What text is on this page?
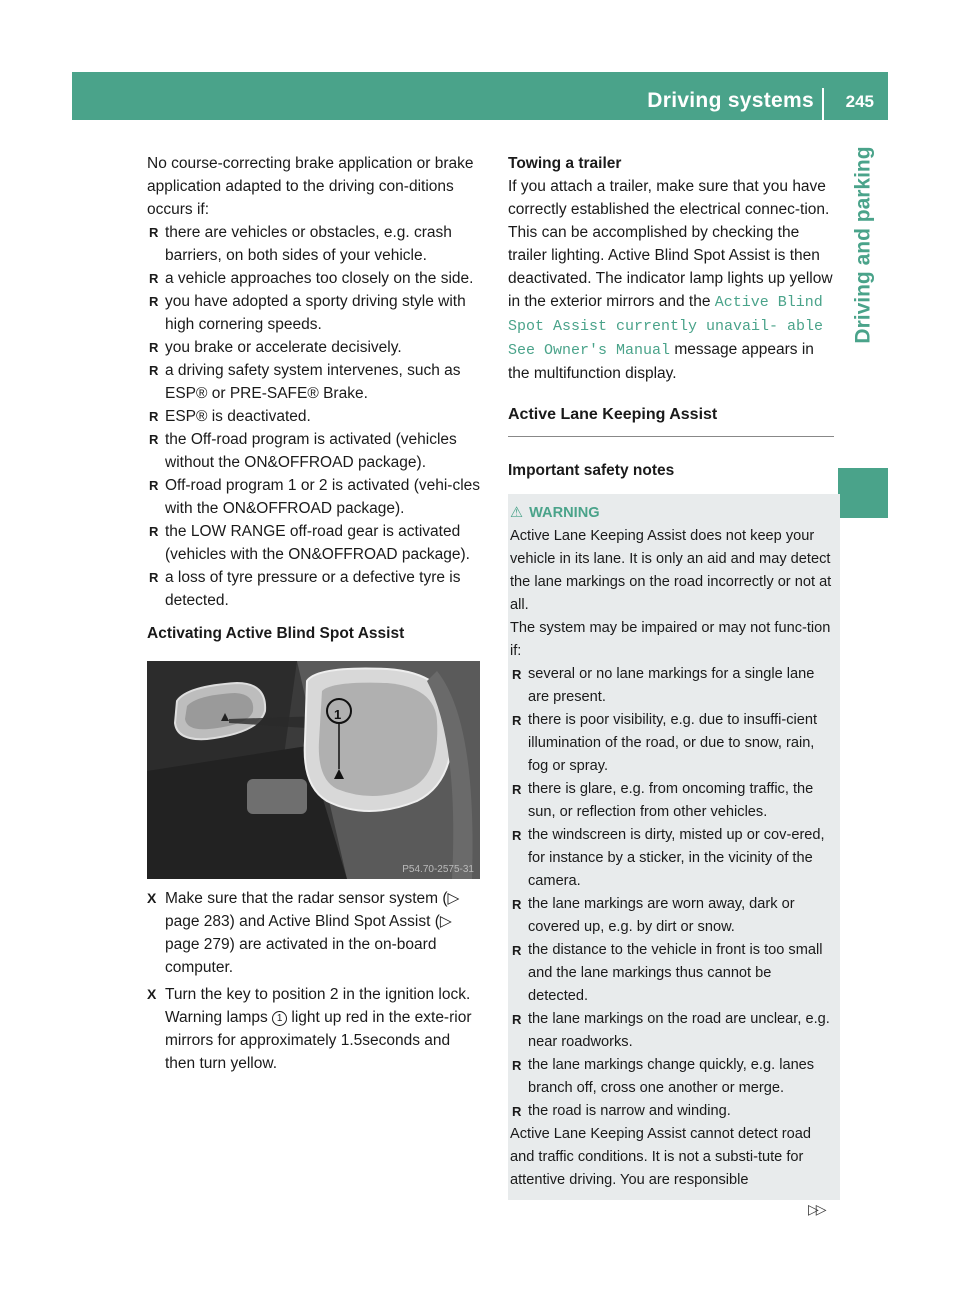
Driving systems 245
Driving and parking

No course-correcting brake application or brake application adapted to the driving con-ditions occurs if:

R there are vehicles or obstacles, e.g. crash barriers, on both sides of your vehicle.
R a vehicle approaches too closely on the side.
R you have adopted a sporty driving style with high cornering speeds.
R you brake or accelerate decisively.
R a driving safety system intervenes, such as ESP® or PRE-SAFE® Brake.
R ESP® is deactivated.
R the Off-road program is activated (vehicles without the ON&OFFROAD package).
R Off-road program 1 or 2 is activated (vehi-cles with the ON&OFFROAD package).
R the LOW RANGE off-road gear is activated (vehicles with the ON&OFFROAD package).
R a loss of tyre pressure or a defective tyre is detected.

Activating Active Blind Spot Assist

1
P54.70-2575-31
X Make sure that the radar sensor system (▷ page 283) and Active Blind Spot Assist (▷ page 279) are activated in the on-board computer.
X Turn the key to position 2 in the ignition lock.
Warning lamps 1 light up red in the exte-rior mirrors for approximately 1.5seconds and then turn yellow.

Towing a trailer

If you attach a trailer, make sure that you have correctly established the electrical connec-tion. This can be accomplished by checking the trailer lighting. Active Blind Spot Assist is then deactivated. The indicator lamp lights up yellow in the exterior mirrors and the Active Blind Spot Assist currently unavail‐ able See Owner's Manual message appears in the multifunction display.

Active Lane Keeping Assist

Important safety notes

⚠ WARNING

Active Lane Keeping Assist does not keep your vehicle in its lane. It is only an aid and may detect the lane markings on the road incorrectly or not at all.

The system may be impaired or may not func-tion if:

R several or no lane markings for a single lane are present.
R there is poor visibility, e.g. due to insuffi-cient illumination of the road, or due to snow, rain, fog or spray.
R there is glare, e.g. from oncoming traffic, the sun, or reflection from other vehicles.
R the windscreen is dirty, misted up or cov-ered, for instance by a sticker, in the vicinity of the camera.
R the lane markings are worn away, dark or covered up, e.g. by dirt or snow.
R the distance to the vehicle in front is too small and the lane markings thus cannot be detected.
R the lane markings on the road are unclear, e.g. near roadworks.
R the lane markings change quickly, e.g. lanes branch off, cross one another or merge.
R the road is narrow and winding.

Active Lane Keeping Assist cannot detect road and traffic conditions. It is not a substi-tute for attentive driving. You are responsible

▷▷
